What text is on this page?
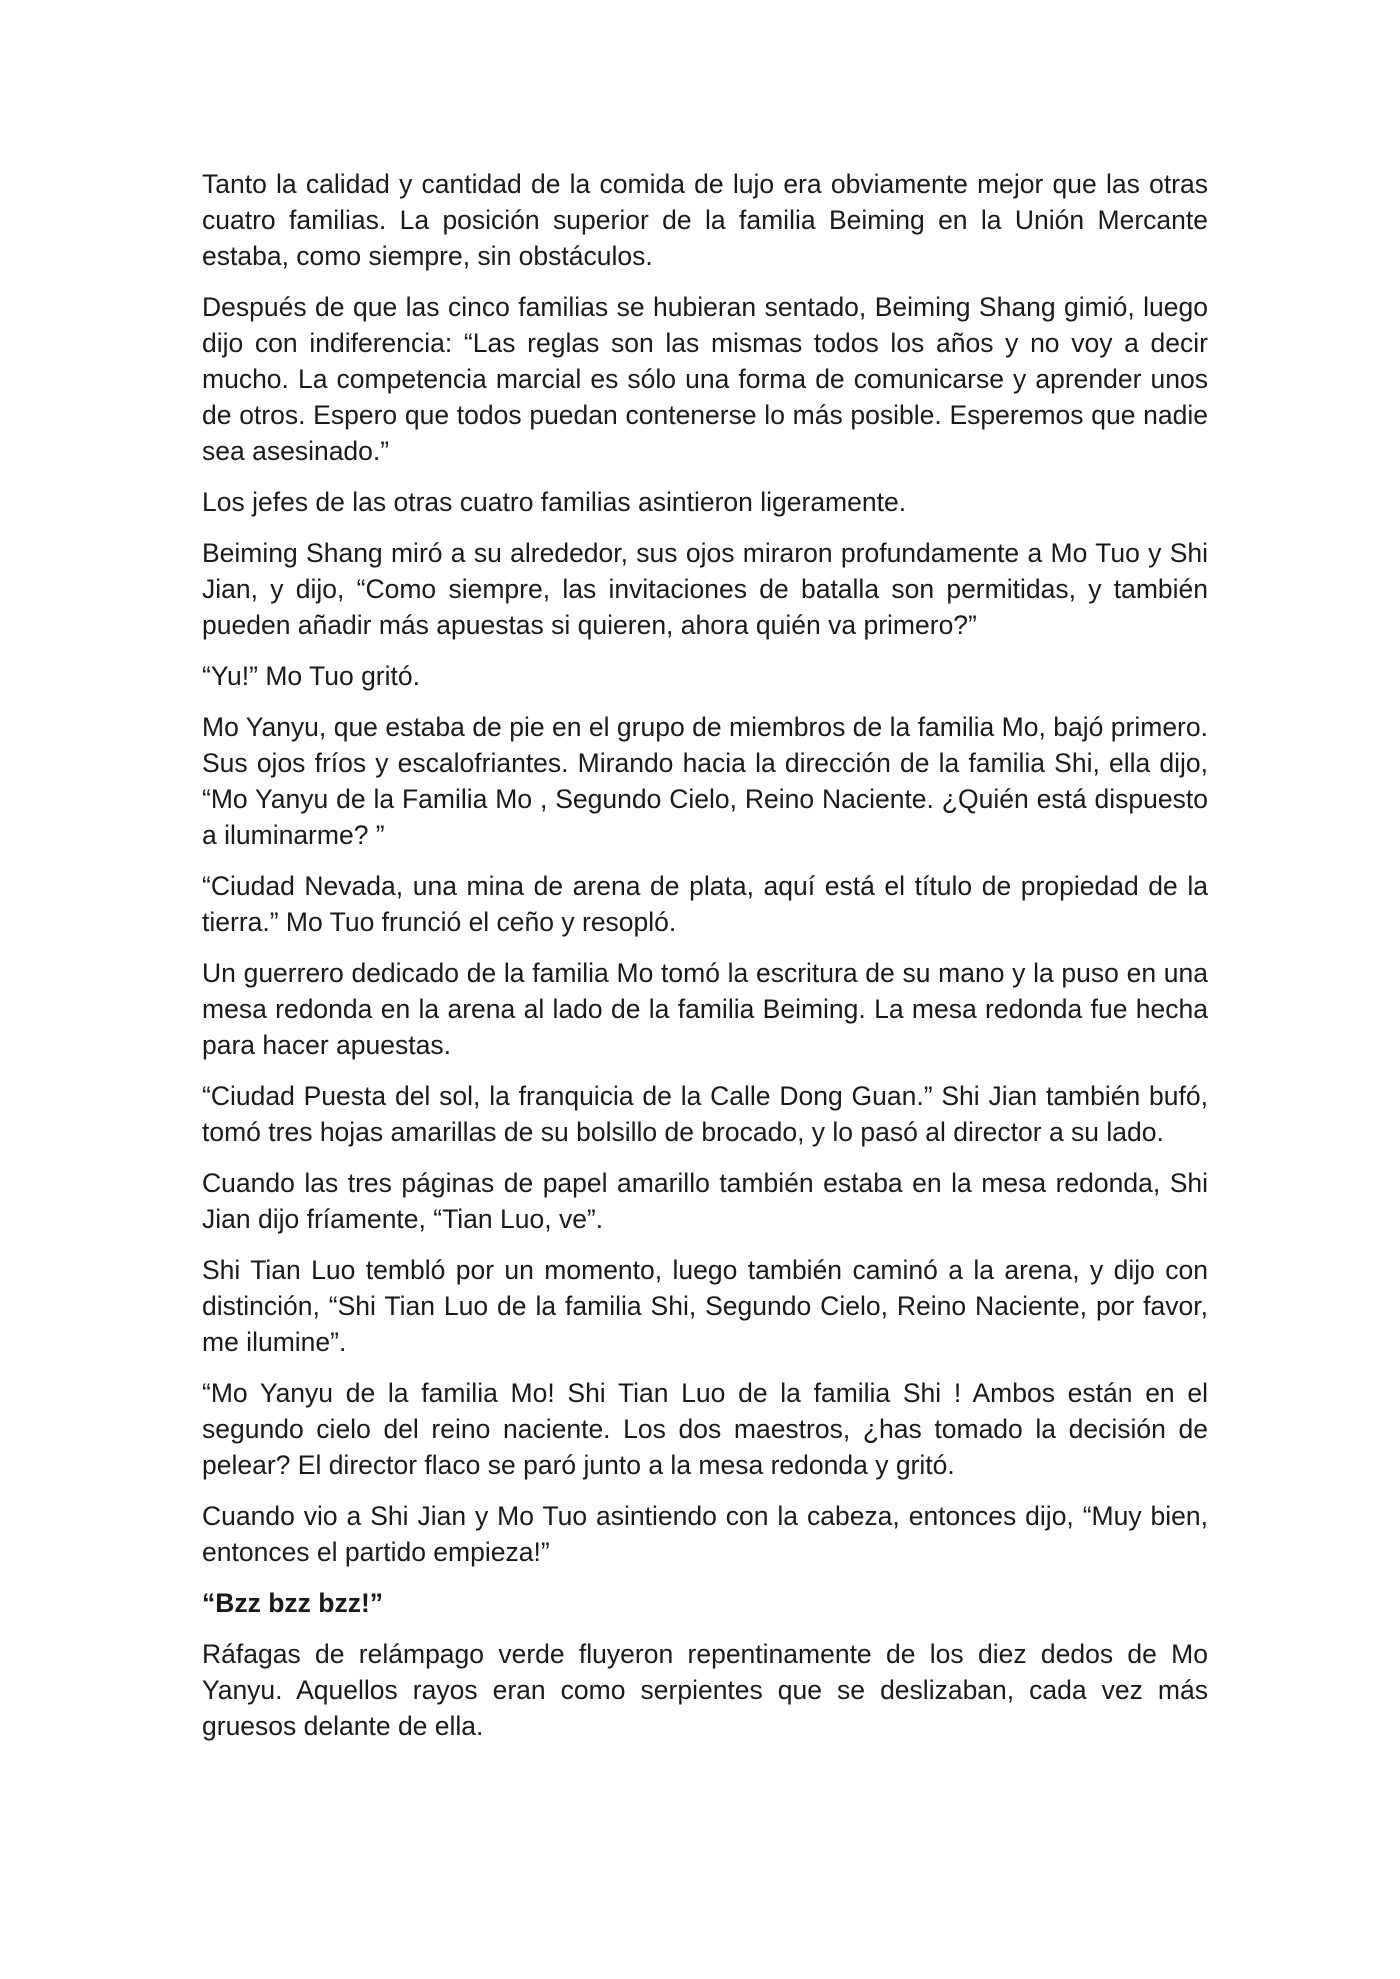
Tanto la calidad y cantidad de la comida de lujo era obviamente mejor que las otras cuatro familias. La posición superior de la familia Beiming en la Unión Mercante estaba, como siempre, sin obstáculos.

Después de que las cinco familias se hubieran sentado, Beiming Shang gimió, luego dijo con indiferencia: “Las reglas son las mismas todos los años y no voy a decir mucho. La competencia marcial es sólo una forma de comunicarse y aprender unos de otros. Espero que todos puedan contenerse lo más posible. Esperemos que nadie sea asesinado.”

Los jefes de las otras cuatro familias asintieron ligeramente.

Beiming Shang miró a su alrededor, sus ojos miraron profundamente a Mo Tuo y Shi Jian, y dijo, “Como siempre, las invitaciones de batalla son permitidas, y también pueden añadir más apuestas si quieren, ahora quién va primero?”

“Yu!” Mo Tuo gritó.

Mo Yanyu, que estaba de pie en el grupo de miembros de la familia Mo, bajó primero. Sus ojos fríos y escalofriantes. Mirando hacia la dirección de la familia Shi, ella dijo, “Mo Yanyu de la Familia Mo , Segundo Cielo, Reino Naciente. ¿Quién está dispuesto a iluminarme? ”

“Ciudad Nevada, una mina de arena de plata, aquí está el título de propiedad de la tierra.” Mo Tuo frunció el ceño y resopló.

Un guerrero dedicado de la familia Mo tomó la escritura de su mano y la puso en una mesa redonda en la arena al lado de la familia Beiming. La mesa redonda fue hecha para hacer apuestas.

“Ciudad Puesta del sol, la franquicia de la Calle Dong Guan.” Shi Jian también bufó, tomó tres hojas amarillas de su bolsillo de brocado, y lo pasó al director a su lado.

Cuando las tres páginas de papel amarillo también estaba en la mesa redonda, Shi Jian dijo fríamente, “Tian Luo, ve”.

Shi Tian Luo tembló por un momento, luego también caminó a la arena, y dijo con distinción, “Shi Tian Luo de la familia Shi, Segundo Cielo, Reino Naciente, por favor, me ilumine”.

“Mo Yanyu de la familia Mo! Shi Tian Luo de la familia Shi ! Ambos están en el segundo cielo del reino naciente. Los dos maestros, ¿has tomado la decisión de pelear? El director flaco se paró junto a la mesa redonda y gritó.

Cuando vio a Shi Jian y Mo Tuo asintiendo con la cabeza, entonces dijo, “Muy bien, entonces el partido empieza!”

“Bzz bzz bzz!”

Ráfagas de relámpago verde fluyeron repentinamente de los diez dedos de Mo Yanyu. Aquellos rayos eran como serpientes que se deslizaban, cada vez más gruesos delante de ella.
